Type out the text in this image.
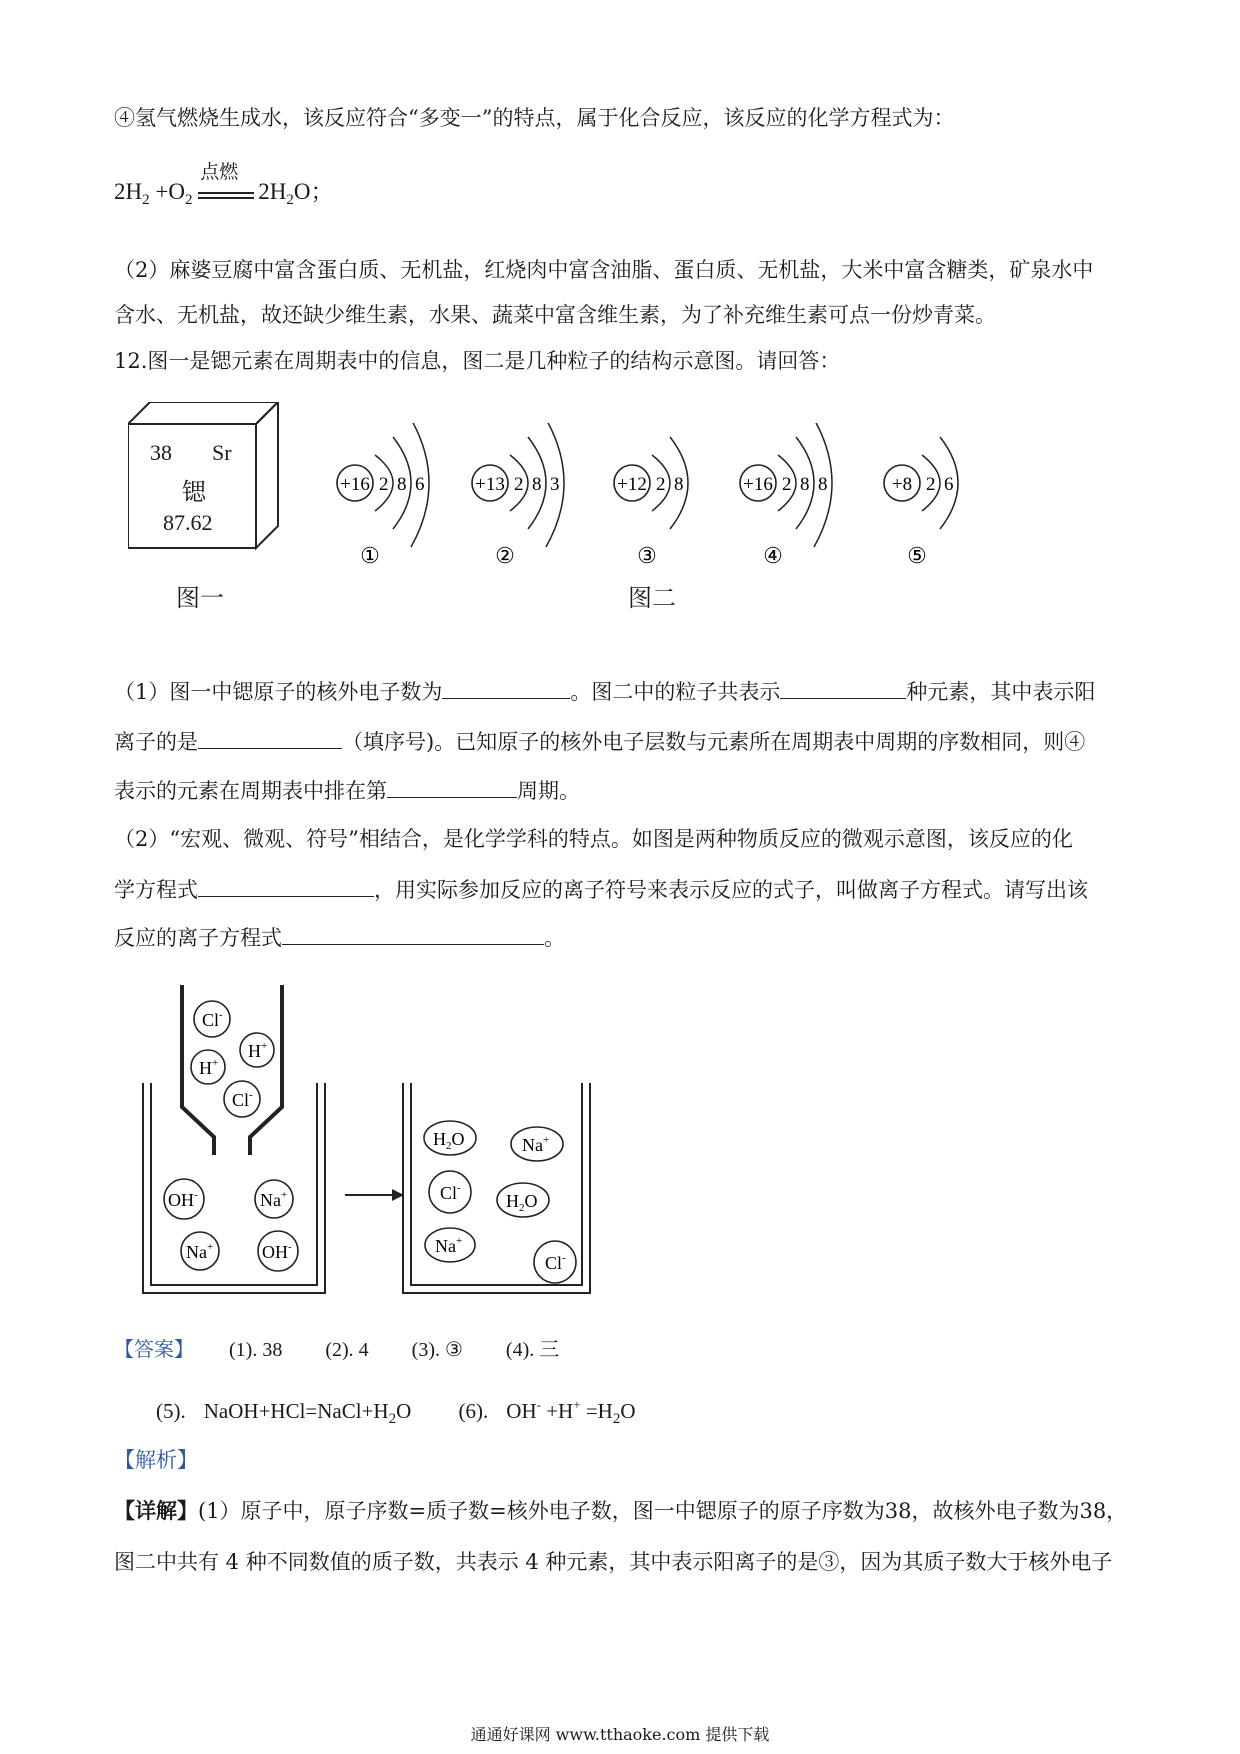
④氢气燃烧生成水，该反应符合“多变一”的特点，属于化合反应，该反应的化学方程式为：
$2H_2 +O_2$
点燃
$2H_2O$；
（2）麻婆豆腐中富含蛋白质、无机盐，红烧肉中富含油脂、蛋白质、无机盐，大米中富含糖类，矿泉水中
含水、无机盐，故还缺少维生素，水果、蔬菜中富含维生素，为了补充维生素可点一份炒青菜。
12.图一是锶元素在周期表中的信息，图二是几种粒子的结构示意图。请回答：
38 Sr
锶
87.62
图一
+16 2 8 6
①
+13 2 8 3
②
+12 2 8
③
+16 2 8 8
④
+8 2 6
⑤
图二
（1）图一中锶原子的核外电子数为	。图二中的粒子共表示	种元素，其中表示阳
离子的是	（填序号)。已知原子的核外电子层数与元素所在周期表中周期的序数相同，则④
表示的元素在周期表中排在第	周期。
（2）“宏观、微观、符号”相结合，是化学学科的特点。如图是两种物质反应的微观示意图，该反应的化
学方程式	，用实际参加反应的离子符号来表示反应的式子，叫做离子方程式。请写出该
反应的离子方程式	。
Cl-
H+
H+
Cl-
OH-	Na+
Na+	OH-
$H_2O$	Na+
Cl-
$H_2O$
Na+
Cl-
【答案】 (1). 38 (2). 4 (3). ③ (4). 三
(5). $NaOH+HCl=NaCl+H_2O$ (6). $OH^- +H^+ =H_2O$
【解析】
【详解】(1）原子中，原子序数=质子数=核外电子数，图一中锶原子的原子序数为38，故核外电子数为38，
图二中共有 4 种不同数值的质子数，共表示 4 种元素，其中表示阳离子的是③，因为其质子数大于核外电子
通通好课网 www.tthaoke.com 提供下载
